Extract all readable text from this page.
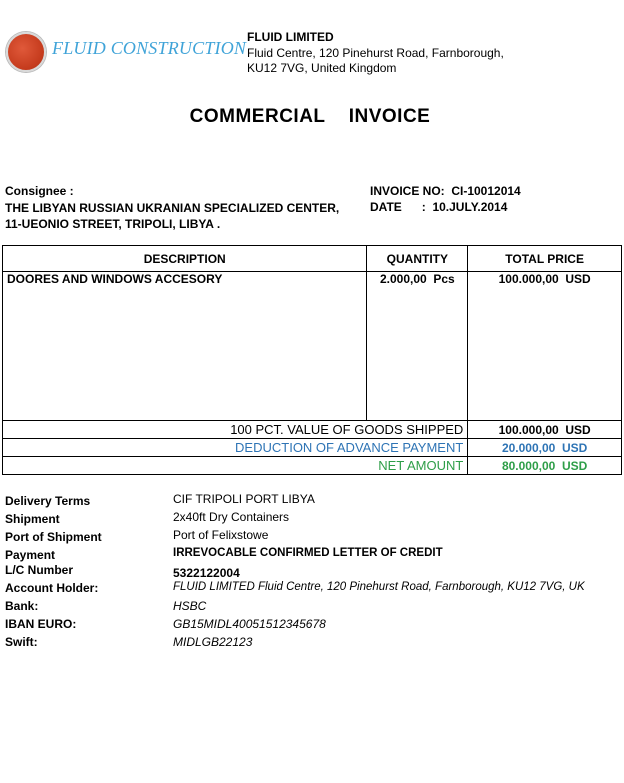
FLUID CONSTRUCTION
FLUID LIMITED
Fluid Centre, 120 Pinehurst Road, Farnborough,
KU12 7VG, United Kingdom
COMMERCIAL  INVOICE
Consignee :
THE LIBYAN RUSSIAN UKRANIAN SPECIALIZED CENTER,
11-UEONIO STREET, TRIPOLI, LIBYA .
INVOICE NO:  CI-10012014
DATE      :  10.JULY.2014
DESCRIPTION	QUANTITY	TOTAL PRICE
DOORES AND WINDOWS ACCESORY	2.000,00  Pcs	100.000,00  USD
100 PCT. VALUE OF GOODS SHIPPED		100.000,00  USD
DEDUCTION OF ADVANCE PAYMENT		20.000,00  USD
NET AMOUNT		80.000,00  USD
Delivery Terms	CIF TRIPOLI PORT LIBYA
Shipment	2x40ft Dry Containers
Port of Shipment	Port of Felixstowe
Payment	IRREVOCABLE CONFIRMED LETTER OF CREDIT
L/C Number	5322122004
Account Holder:	FLUID LIMITED Fluid Centre, 120 Pinehurst Road, Farnborough, KU12 7VG, UK
Bank:	HSBC
IBAN EURO:	GB15MIDL40051512345678
Swift:	MIDLGB22123
